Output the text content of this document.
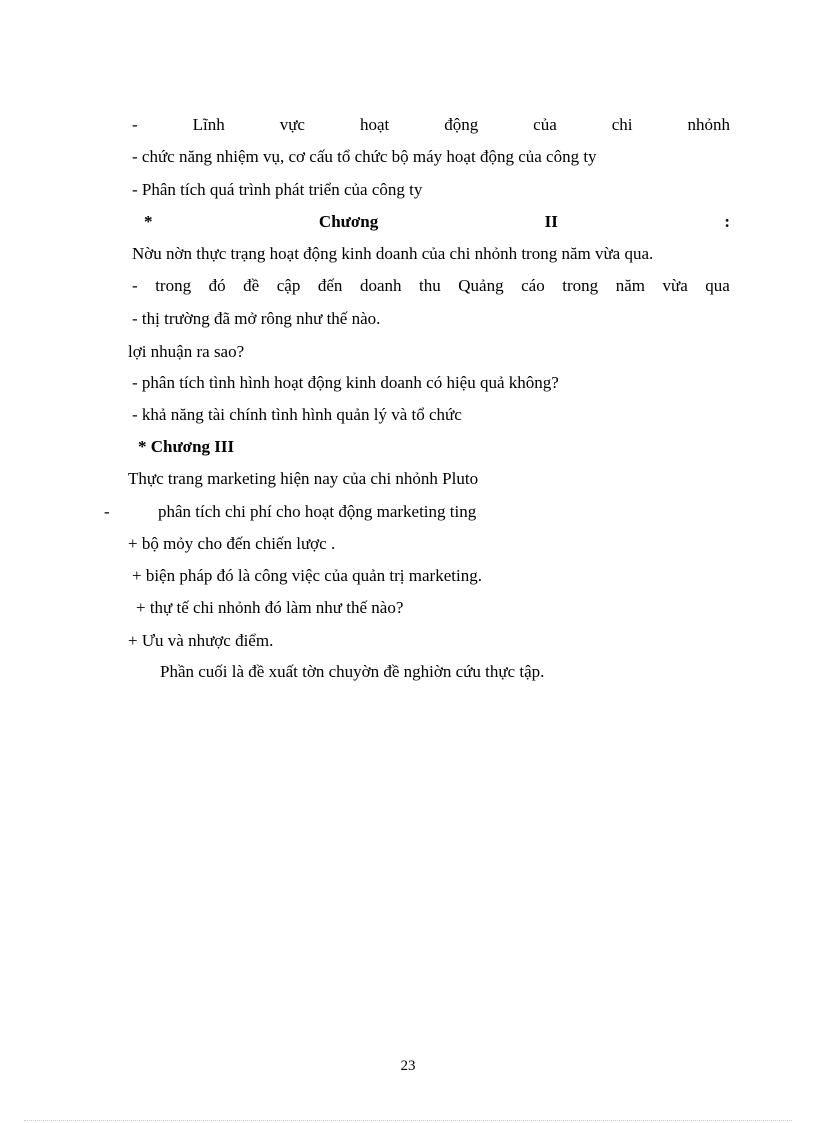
-	Lĩnh	vực	hoạt	động	của	chi	nhỏnh

- chức năng nhiệm vụ, cơ cấu tổ chức bộ máy hoạt động của công ty

- Phân tích quá trình phát triển của công ty

*	Chương	II	:

Nờu nờn thực trạng hoạt động kinh doanh của chi nhỏnh trong năm vừa qua.

- trong đó đề cập đến doanh thu Quảng cáo trong năm vừa qua

- thị trường đã mở rông như thế nào.

lợi nhuận ra sao?

- phân tích tình hình hoạt động kinh doanh có hiệu quả không?

- khả năng tài chính tình hình quản lý và tổ chức

* Chương III

Thực trang marketing hiện nay của chi nhỏnh Pluto

-	phân tích chi phí cho hoạt động marketing ting

+ bộ mỏy cho đến chiến lược .

+ biện pháp đó là công việc của quản trị marketing.

+ thự tế chi nhỏnh đó làm như thế nào?

+ Ưu và nhược điểm.

Phần cuối là đề xuất tờn chuyờn đề nghiờn cứu thực tập.

23
